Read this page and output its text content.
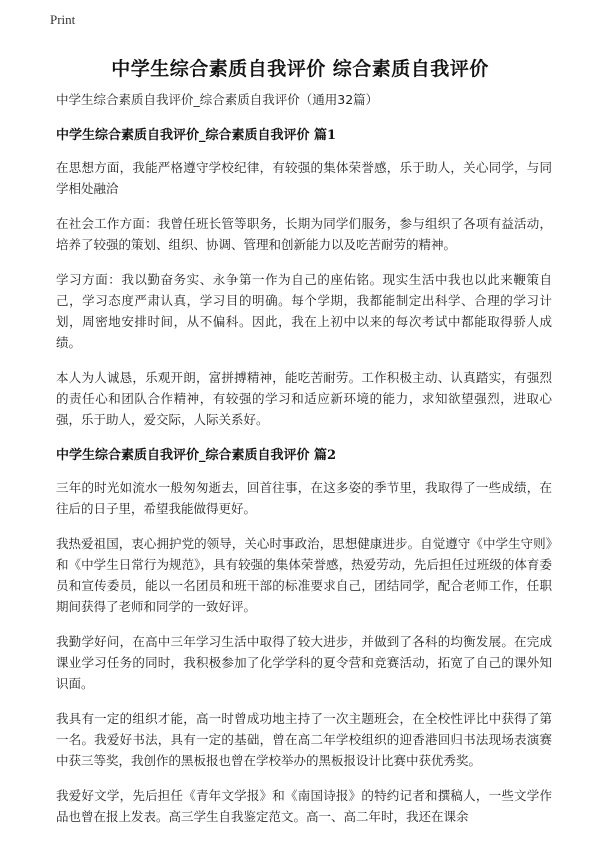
Print
中学生综合素质自我评价 综合素质自我评价

中学生综合素质自我评价_综合素质自我评价（通用32篇）

中学生综合素质自我评价_综合素质自我评价 篇1

在思想方面，我能严格遵守学校纪律，有较强的集体荣誉感，乐于助人，关心同学，与同学相处融洽

在社会工作方面：我曾任班长管等职务，长期为同学们服务，参与组织了各项有益活动，培养了较强的策划、组织、协调、管理和创新能力以及吃苦耐劳的精神。

学习方面：我以勤奋务实、永争第一作为自己的座佑铭。现实生活中我也以此来鞭策自己，学习态度严肃认真，学习目的明确。每个学期，我都能制定出科学、合理的学习计划，周密地安排时间，从不偏科。因此，我在上初中以来的每次考试中都能取得骄人成绩。

本人为人诚恳，乐观开朗，富拼搏精神，能吃苦耐劳。工作积极主动、认真踏实，有强烈的责任心和团队合作精神，有较强的学习和适应新环境的能力，求知欲望强烈，进取心强，乐于助人，爱交际，人际关系好。

中学生综合素质自我评价_综合素质自我评价 篇2

三年的时光如流水一般匆匆逝去，回首往事，在这多姿的季节里，我取得了一些成绩，在往后的日子里，希望我能做得更好。

我热爱祖国，衷心拥护党的领导，关心时事政治，思想健康进步。自觉遵守《中学生守则》和《中学生日常行为规范》，具有较强的集体荣誉感，热爱劳动，先后担任过班级的体育委员和宣传委员，能以一名团员和班干部的标准要求自己，团结同学，配合老师工作，任职期间获得了老师和同学的一致好评。

我勤学好问，在高中三年学习生活中取得了较大进步，并做到了各科的均衡发展。在完成课业学习任务的同时，我积极参加了化学学科的夏令营和竞赛活动，拓宽了自己的课外知识面。

我具有一定的组织才能，高一时曾成功地主持了一次主题班会，在全校性评比中获得了第一名。我爱好书法，具有一定的基础，曾在高二年学校组织的迎香港回归书法现场表演赛中获三等奖，我创作的黑板报也曾在学校举办的黑板报设计比赛中获优秀奖。

我爱好文学，先后担任《青年文学报》和《南国诗报》的特约记者和撰稿人，一些文学作品也曾在报上发表。高三学生自我鉴定范文。高一、高二年时，我还在课余
